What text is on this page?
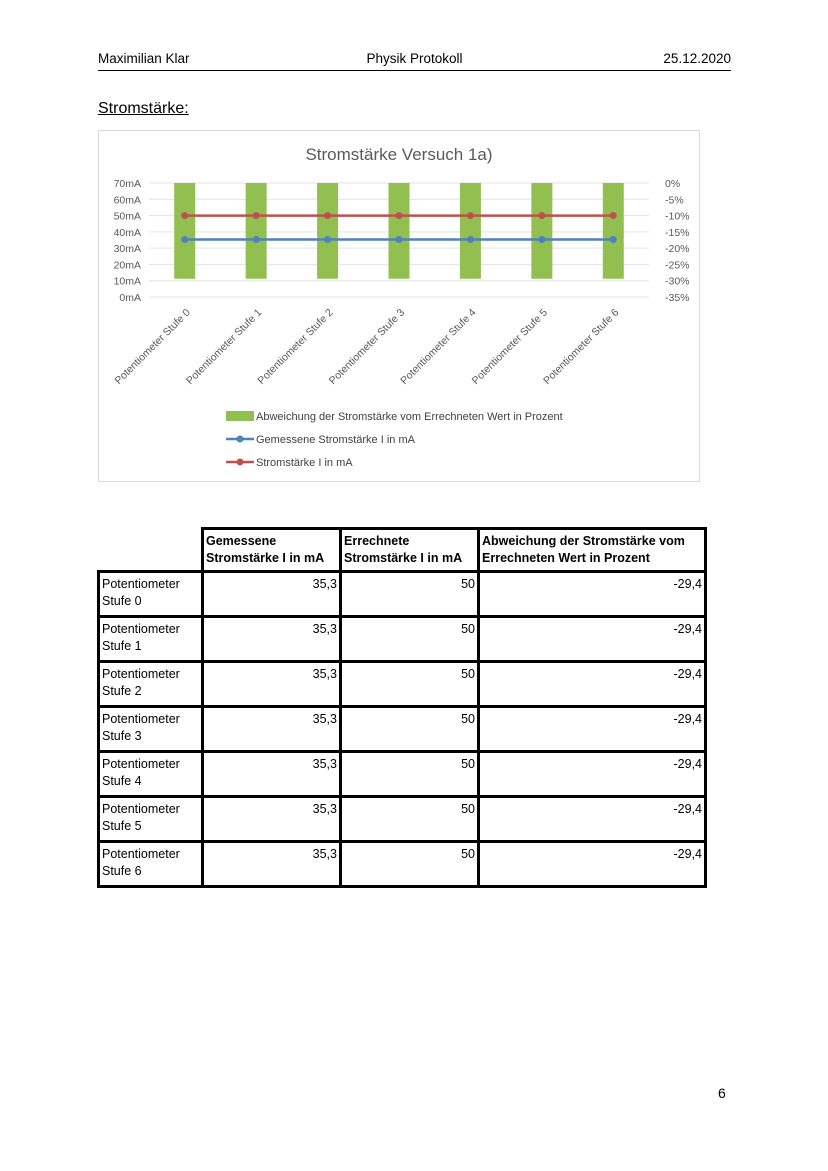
Maximilian Klar	Physik Protokoll	25.12.2020
Stromstärke:
Stromstärke Versuch 1a)
70mA	0%
60mA	-5%
50mA	-10%
40mA	-15%
30mA	-20%
20mA	-25%
10mA	-30%
0mA	-35%
Potentiometer Stufe 0
Potentiometer Stufe 1
Potentiometer Stufe 2
Potentiometer Stufe 3
Potentiometer Stufe 4
Potentiometer Stufe 5
Potentiometer Stufe 6
Abweichung der Stromstärke vom Errechneten Wert in Prozent
Gemessene Stromstärke I in mA
Stromstärke I in mA
	Gemessene Stromstärke I in mA	Errechnete Stromstärke I in mA	Abweichung der Stromstärke vom Errechneten Wert in Prozent
Potentiometer Stufe 0	35,3	50	-29,4
Potentiometer Stufe 1	35,3	50	-29,4
Potentiometer Stufe 2	35,3	50	-29,4
Potentiometer Stufe 3	35,3	50	-29,4
Potentiometer Stufe 4	35,3	50	-29,4
Potentiometer Stufe 5	35,3	50	-29,4
Potentiometer Stufe 6	35,3	50	-29,4
6
